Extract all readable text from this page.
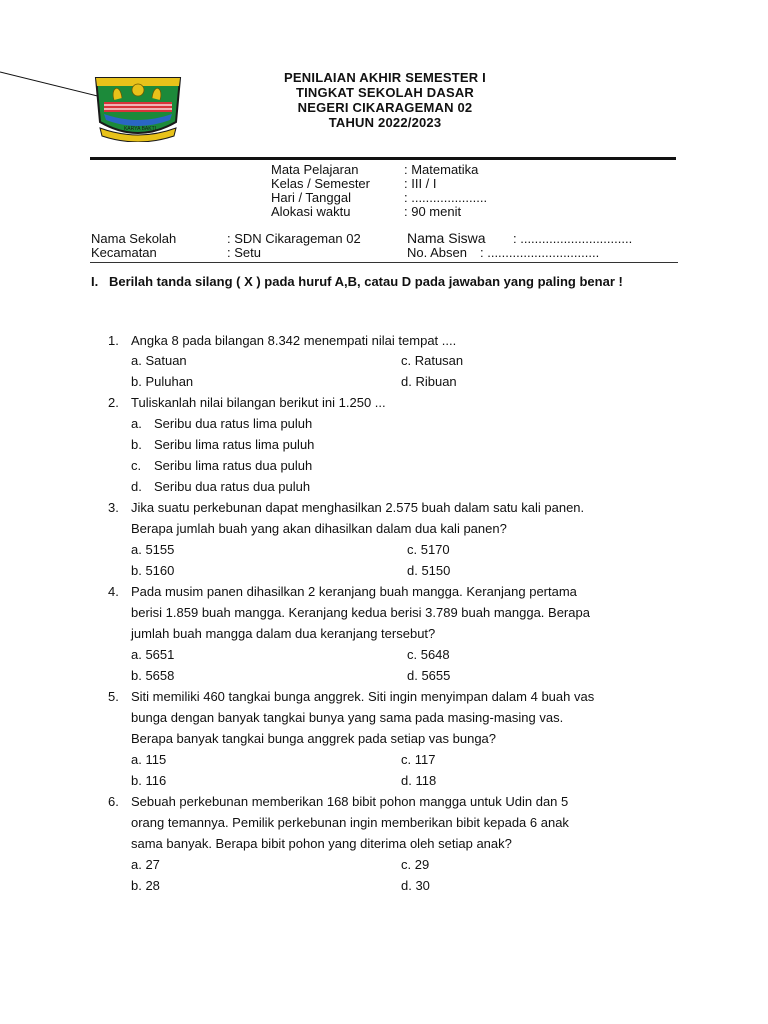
KARYA BAKTI
PENILAIAN AKHIR SEMESTER I
TINGKAT SEKOLAH DASAR
NEGERI CIKARAGEMAN 02
TAHUN 2022/2023
Mata Pelajaran	: Matematika
Kelas / Semester	: III / I
Hari / Tanggal	: .....................
Alokasi waktu	: 90 menit
Nama Sekolah	: SDN Cikarageman 02	Nama Siswa : ...............................
Kecamatan	: Setu	No. Absen : ...............................
I. Berilah tanda silang ( X ) pada huruf A,B, catau D pada jawaban yang paling benar !
1. Angka 8 pada bilangan 8.342 menempati nilai tempat ....
a. Satuan	c. Ratusan
b. Puluhan	d. Ribuan
2. Tuliskanlah nilai bilangan berikut ini 1.250 ...
a. Seribu dua ratus lima puluh
b. Seribu lima ratus lima puluh
c. Seribu lima ratus dua puluh
d. Seribu dua ratus dua puluh
3. Jika suatu perkebunan dapat menghasilkan 2.575 buah dalam satu kali panen.
Berapa jumlah buah yang akan dihasilkan dalam dua kali panen?
a. 5155	c. 5170
b. 5160	d. 5150
4. Pada musim panen dihasilkan 2 keranjang buah mangga. Keranjang pertama
berisi 1.859 buah mangga. Keranjang kedua berisi 3.789 buah mangga. Berapa
jumlah buah mangga dalam dua keranjang tersebut?
a. 5651	c. 5648
b. 5658	d. 5655
5. Siti memiliki 460 tangkai bunga anggrek. Siti ingin menyimpan dalam 4 buah vas
bunga dengan banyak tangkai bunya yang sama pada masing-masing vas.
Berapa banyak tangkai bunga anggrek pada setiap vas bunga?
a. 115	c. 117
b. 116	d. 118
6. Sebuah perkebunan memberikan 168 bibit pohon mangga untuk Udin dan 5
orang temannya. Pemilik perkebunan ingin memberikan bibit kepada 6 anak
sama banyak. Berapa bibit pohon yang diterima oleh setiap anak?
a. 27	c. 29
b. 28	d. 30
